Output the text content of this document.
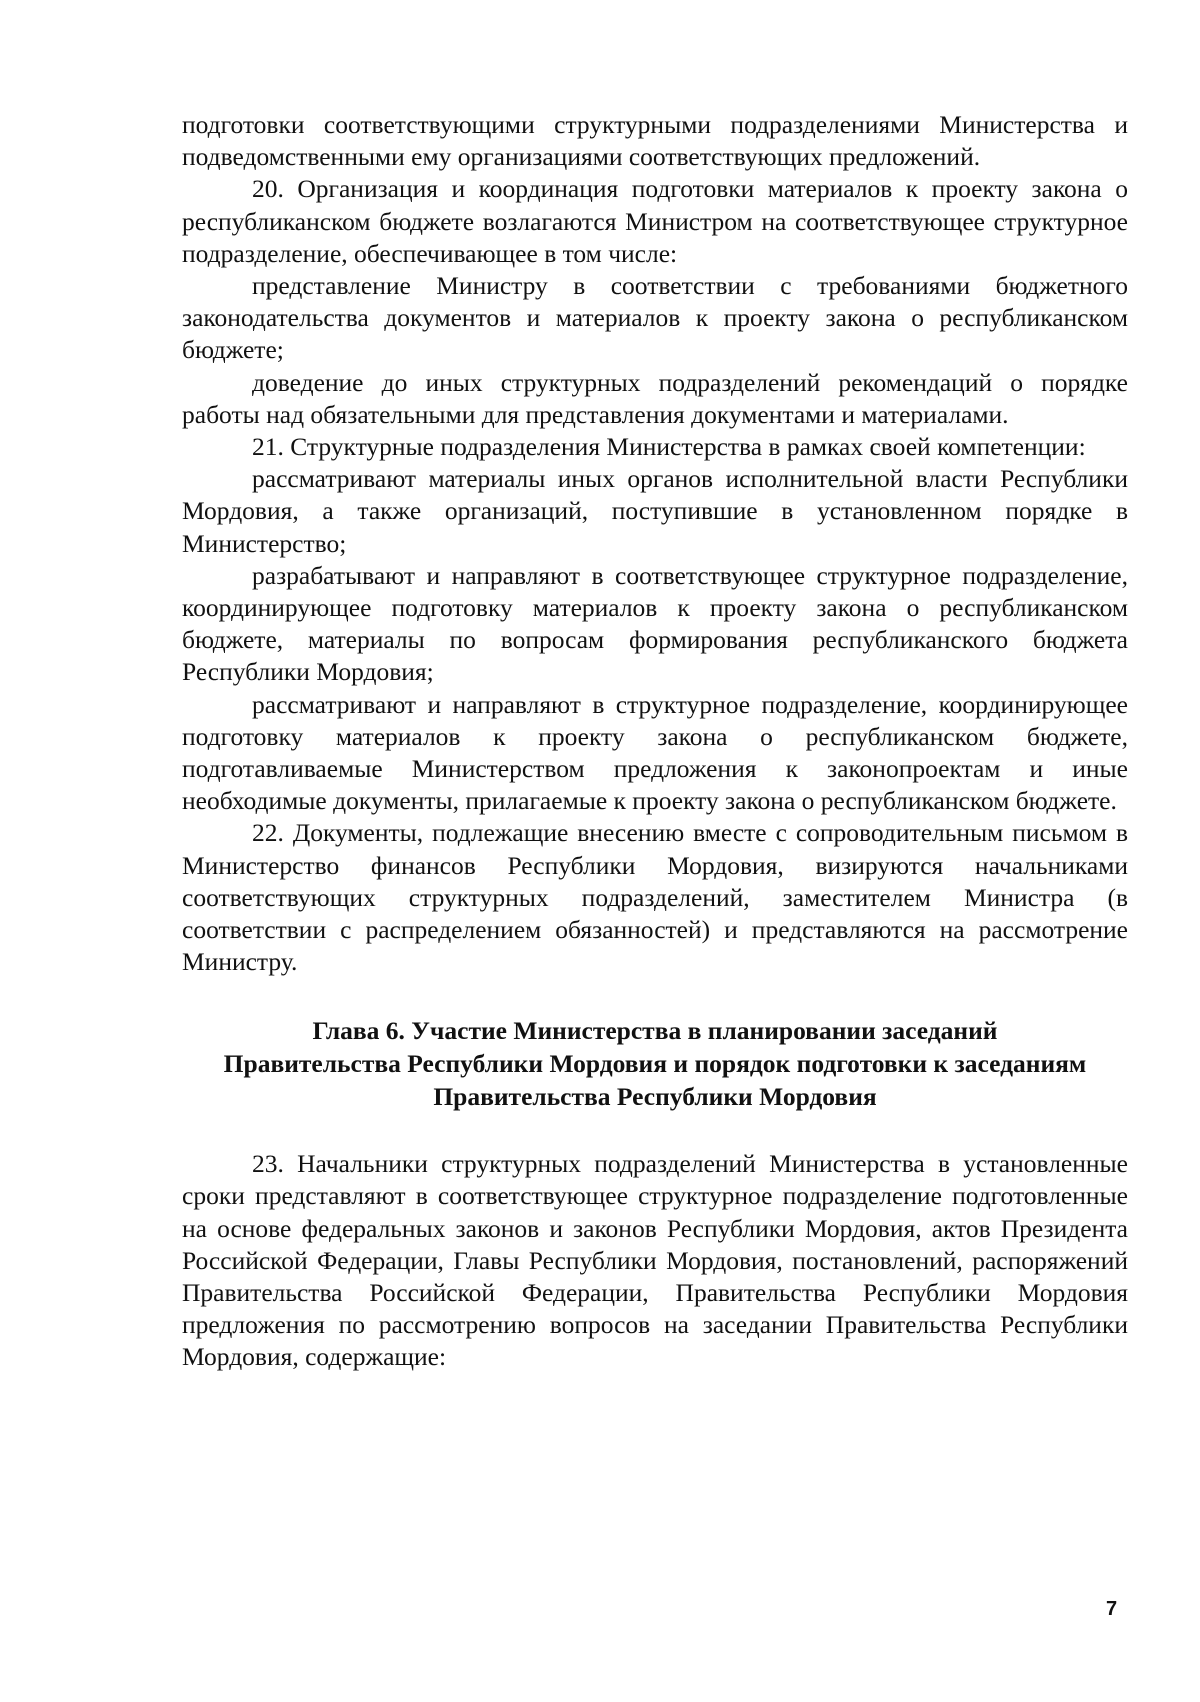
подготовки соответствующими структурными подразделениями Министерства и подведомственными ему организациями соответствующих предложений.

20. Организация и координация подготовки материалов к проекту закона о республиканском бюджете возлагаются Министром на соответствующее структурное подразделение, обеспечивающее в том числе:

представление Министру в соответствии с требованиями бюджетного законодательства документов и материалов к проекту закона о республиканском бюджете;

доведение до иных структурных подразделений рекомендаций о порядке работы над обязательными для представления документами и материалами.

21. Структурные подразделения Министерства в рамках своей компетенции:

рассматривают материалы иных органов исполнительной власти Республики Мордовия, а также организаций, поступившие в установленном порядке в Министерство;

разрабатывают и направляют в соответствующее структурное подразделение, координирующее подготовку материалов к проекту закона о республиканском бюджете, материалы по вопросам формирования республиканского бюджета Республики Мордовия;

рассматривают и направляют в структурное подразделение, координирующее подготовку материалов к проекту закона о республиканском бюджете, подготавливаемые Министерством предложения к законопроектам и иные необходимые документы, прилагаемые к проекту закона о республиканском бюджете.

22. Документы, подлежащие внесению вместе с сопроводительным письмом в Министерство финансов Республики Мордовия, визируются начальниками соответствующих структурных подразделений, заместителем Министра (в соответствии с распределением обязанностей) и представляются на рассмотрение Министру.

Глава 6. Участие Министерства в планировании заседаний Правительства Республики Мордовия и порядок подготовки к заседаниям Правительства Республики Мордовия

23. Начальники структурных подразделений Министерства в установленные сроки представляют в соответствующее структурное подразделение подготовленные на основе федеральных законов и законов Республики Мордовия, актов Президента Российской Федерации, Главы Республики Мордовия, постановлений, распоряжений Правительства Российской Федерации, Правительства Республики Мордовия предложения по рассмотрению вопросов на заседании Правительства Республики Мордовия, содержащие:

7
